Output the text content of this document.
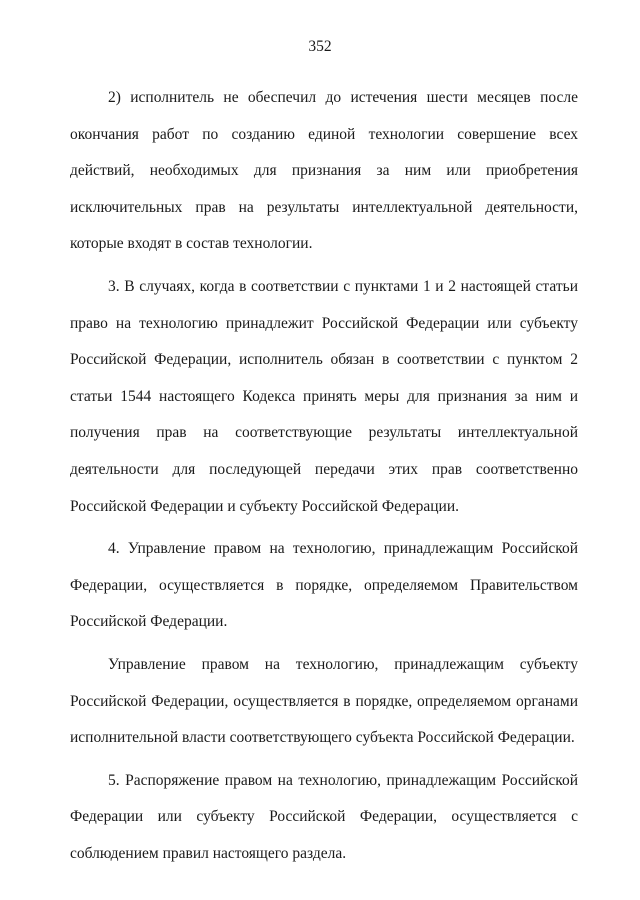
352

2) исполнитель не обеспечил до истечения шести месяцев после окончания работ по созданию единой технологии совершение всех действий, необходимых для признания за ним или приобретения исключительных прав на результаты интеллектуальной деятельности, которые входят в состав технологии.

3. В случаях, когда в соответствии с пунктами 1 и 2 настоящей статьи право на технологию принадлежит Российской Федерации или субъекту Российской Федерации, исполнитель обязан в соответствии с пунктом 2 статьи 1544 настоящего Кодекса принять меры для признания за ним и получения прав на соответствующие результаты интеллектуальной деятельности для последующей передачи этих прав соответственно Российской Федерации и субъекту Российской Федерации.

4. Управление правом на технологию, принадлежащим Российской Федерации, осуществляется в порядке, определяемом Правительством Российской Федерации.

Управление правом на технологию, принадлежащим субъекту Российской Федерации, осуществляется в порядке, определяемом органами исполнительной власти соответствующего субъекта Российской Федерации.

5. Распоряжение правом на технологию, принадлежащим Российской Федерации или субъекту Российской Федерации, осуществляется с соблюдением правил настоящего раздела.
